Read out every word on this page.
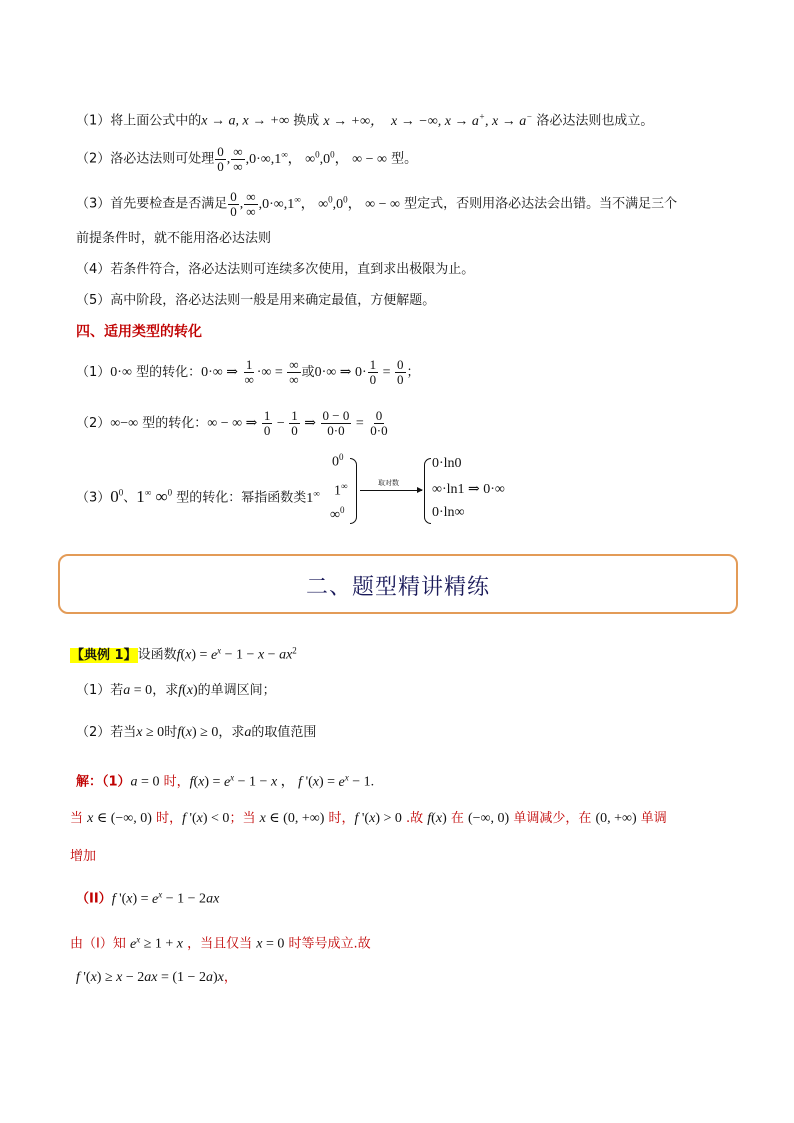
（1）将上面公式中的x → a, x → +∞ 换成 x → +∞，  x → −∞, x → a+, x → a− 洛必达法则也成立。
（2）洛必达法则可处理 $\frac{0}{0}$ , $\frac{\infty}{\infty} ,0\cdot\infty,1^\infty$， $\infty^0,0^0$， ∞ − ∞ 型。
（3）首先要检查是否满足 $\frac{0}{0}$ , $\frac{\infty}{\infty} ,0\cdot\infty,1^\infty$， $\infty^0,0^0$， ∞ − ∞ 型定式，否则用洛必达法会出错。当不满足三个
前提条件时，就不能用洛必达法则
（4）若条件符合，洛必达法则可连续多次使用，直到求出极限为止。
（5）高中阶段，洛必达法则一般是用来确定最值，方便解题。
四、适用类型的转化
（1）0·∞ 型的转化：0·∞ ⇒ $\frac{1}{\infty}$ ·∞ = $\frac{\infty}{\infty}$ 或0·∞ ⇒ $0\cdot \frac{1}{0} = \frac{0}{0}$ ；
（2）∞−∞ 型的转化：∞ − ∞ ⇒ $\frac{1}{0} - \frac{1}{0}$ ⇒ $\frac{0 - 0}{0\cdot 0} = \frac{0}{0\cdot 0}$
$(3)0^0$、1∞ ∞$^0$ 型的转化：幂指函数类1∞
$0^0$
∞$^0$
取对数
0·ln0
∞·ln1 ⇒ 0·∞
0·ln∞
二、题型精讲精练
【典例 1】设函数$f(x) = e^x - 1 - x - ax^2$
（1）若a = 0，求f(x)的单调区间；
（2）若当x ≥ 0时f(x) ≥ 0，求a的取值范围
解：（1）a = 0 时，$f(x) = e^x - 1 - x$ ， f '$(x) = e^x - 1$.
当 x ∈ (−∞, 0) 时，f '(x) < 0；当 x ∈ (0, +∞) 时，f '(x) > 0 .故 f(x) 在 (−∞, 0) 单调减少，在 (0, +∞) 单调
增加
（II）f '$(x) = e^x - 1 - 2ax$
由（I）知 $e^x \ge 1 + x$ ，当且仅当 x = 0 时等号成立.故
f '(x) ≥ x − 2ax = (1 − 2a)x，
1∞
